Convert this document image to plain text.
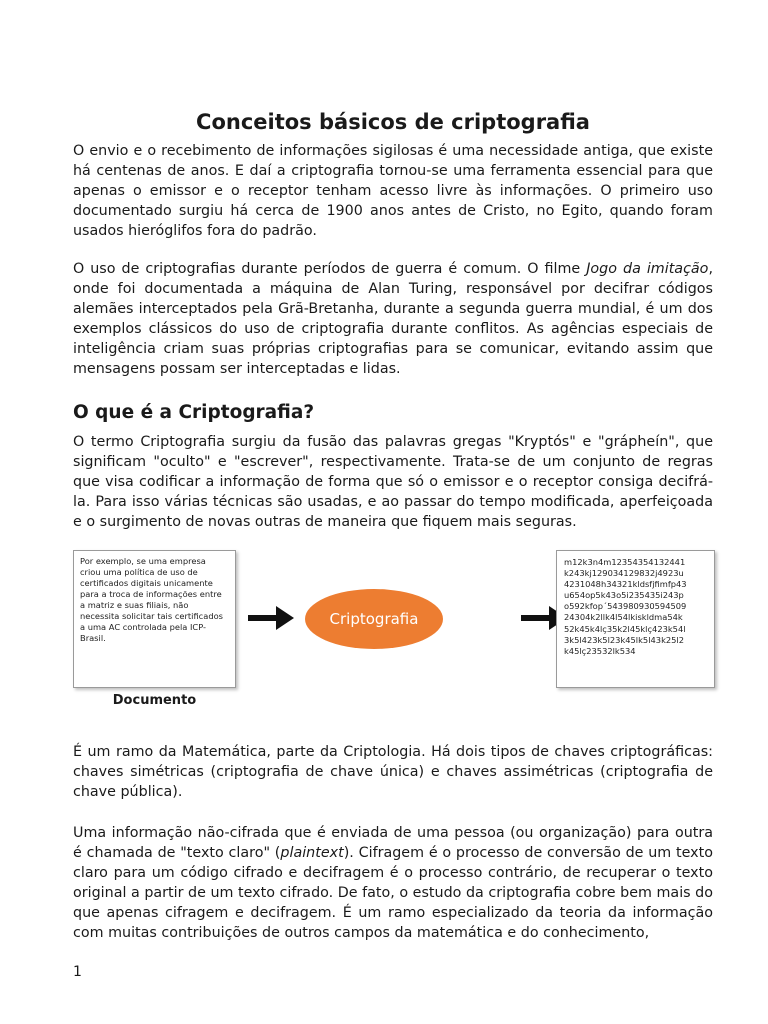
Conceitos básicos de criptografia

O envio e o recebimento de informações sigilosas é uma necessidade antiga, que existe há centenas de anos. E daí a criptografia tornou-se uma ferramenta essencial para que apenas o emissor e o receptor tenham acesso livre às informações. O primeiro uso documentado surgiu há cerca de 1900 anos antes de Cristo, no Egito, quando foram usados hieróglifos fora do padrão.

O uso de criptografias durante períodos de guerra é comum. O filme Jogo da imitação, onde foi documentada a máquina de Alan Turing, responsável por decifrar códigos alemães interceptados pela Grã-Bretanha, durante a segunda guerra mundial, é um dos exemplos clássicos do uso de criptografia durante conflitos. As agências especiais de inteligência criam suas próprias criptografias para se comunicar, evitando assim que mensagens possam ser interceptadas e lidas.

O que é a Criptografia?

O termo Criptografia surgiu da fusão das palavras gregas "Kryptós" e "grápheín", que significam "oculto" e "escrever", respectivamente. Trata-se de um conjunto de regras que visa codificar a informação de forma que só o emissor e o receptor consiga decifrá-la. Para isso várias técnicas são usadas, e ao passar do tempo modificada, aperfeiçoada e o surgimento de novas outras de maneira que fiquem mais seguras.

Por exemplo, se uma empresa criou uma política de uso de certificados digitais unicamente para a troca de informações entre a matriz e suas filiais, não necessita solicitar tais certificados a uma AC controlada pela ICP-Brasil.
Documento
Criptografia
m12k3n4m12354354132441
k243kj129034129832j4923u
4231048h34321kldsfjfimfp43
u654op5k43o5i235435i243p
o592kfop´543980930594509
24304k2llk4l54lkiskldma54k
52k45k4lç35k2l45klç423k54l
3k5l423k5l23k45lk5l43k25l2
k45lç23532lk534

É um ramo da Matemática, parte da Criptologia. Há dois tipos de chaves criptográficas: chaves simétricas (criptografia de chave única) e chaves assimétricas (criptografia de chave pública).

Uma informação não-cifrada que é enviada de uma pessoa (ou organização) para outra é chamada de "texto claro" (plaintext). Cifragem é o processo de conversão de um texto claro para um código cifrado e decifragem é o processo contrário, de recuperar o texto original a partir de um texto cifrado. De fato, o estudo da criptografia cobre bem mais do que apenas cifragem e decifragem. É um ramo especializado da teoria da informação com muitas contribuições de outros campos da matemática e do conhecimento,

1
